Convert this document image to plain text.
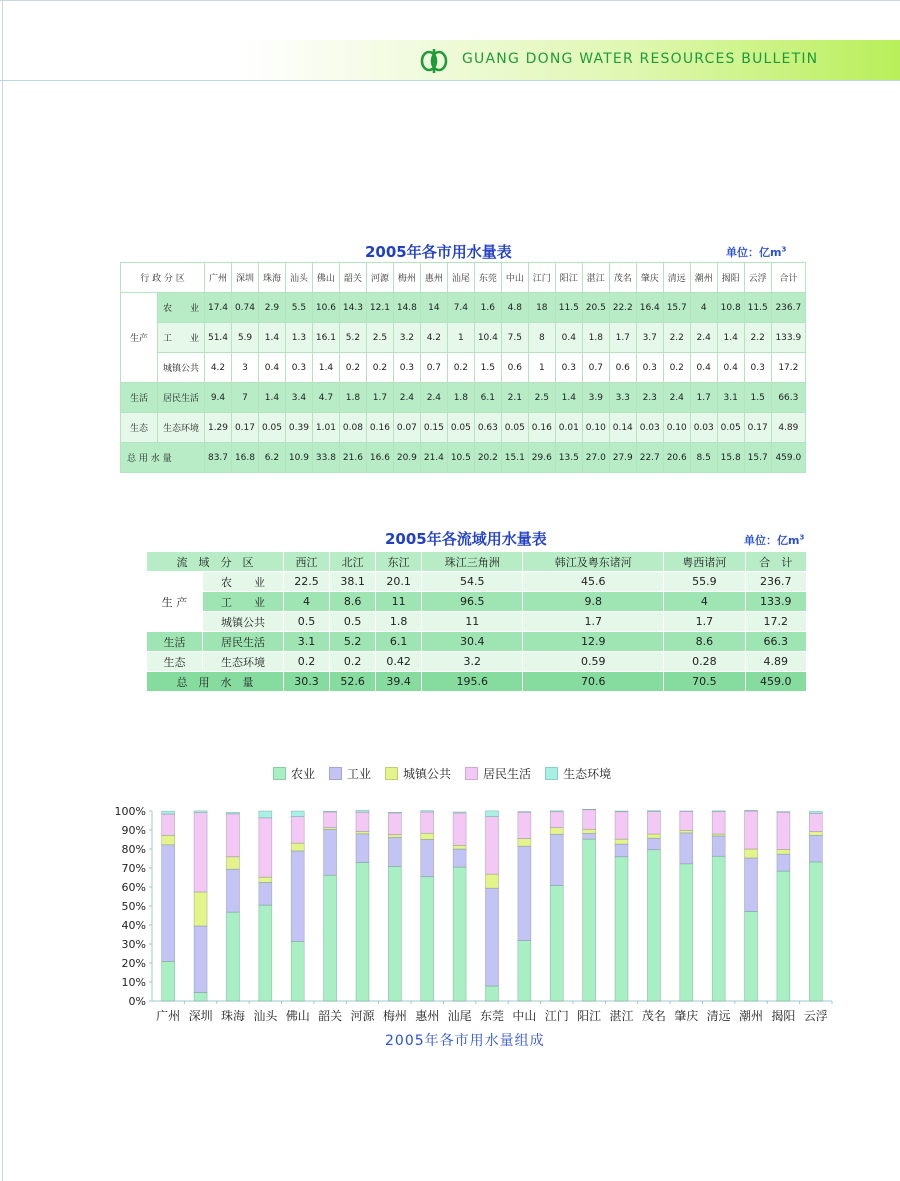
GUANG DONG WATER RESOURCES BULLETIN
2005年各市用水量表	单位：亿$m^3$
行 政 分 区		广州	深圳	珠海	汕头	佛山	韶关	河源	梅州	惠州	汕尾	东莞	中山	江门	阳江	湛江	茂名	肇庆	清远	潮州	揭阳	云浮	合计
生产	农　　业	17.4	0.74	2.9	5.5	10.6	14.3	12.1	14.8	14	7.4	1.6	4.8	18	11.5	20.5	22.2	16.4	15.7	4	10.8	11.5	236.7
	工　　业	51.4	5.9	1.4	1.3	16.1	5.2	2.5	3.2	4.2	1	10.4	7.5	8	0.4	1.8	1.7	3.7	2.2	2.4	1.4	2.2	133.9
	城镇公共	4.2	3	0.4	0.3	1.4	0.2	0.2	0.3	0.7	0.2	1.5	0.6	1	0.3	0.7	0.6	0.3	0.2	0.4	0.4	0.3	17.2
生活	居民生活	9.4	7	1.4	3.4	4.7	1.8	1.7	2.4	2.4	1.8	6.1	2.1	2.5	1.4	3.9	3.3	2.3	2.4	1.7	3.1	1.5	66.3
生态	生态环境	1.29	0.17	0.05	0.39	1.01	0.08	0.16	0.07	0.15	0.05	0.63	0.05	0.16	0.01	0.10	0.14	0.03	0.10	0.03	0.05	0.17	4.89
总 用 水 量		83.7	16.8	6.2	10.9	33.8	21.6	16.6	20.9	21.4	10.5	20.2	15.1	29.6	13.5	27.0	27.9	22.7	20.6	8.5	15.8	15.7	459.0
2005年各流域用水量表	单位：亿$m^3$
流　域　分　区		西江	北江	东江	珠江三角洲	韩江及粤东诸河	粤西诸河	合　计
生 产	农　　业	22.5	38.1	20.1	54.5	45.6	55.9	236.7
	工　　业	4	8.6	11	96.5	9.8	4	133.9
	城镇公共	0.5	0.5	1.8	11	1.7	1.7	17.2
生活	居民生活	3.1	5.2	6.1	30.4	12.9	8.6	66.3
生态	生态环境	0.2	0.2	0.42	3.2	0.59	0.28	4.89
总　用　水　量		30.3	52.6	39.4	195.6	70.6	70.5	459.0
农业	工业	城镇公共	居民生活	生态环境
0%
10%
20%
30%
40%
50%
60%
70%
80%
90%
100%
广州 深圳 珠海 汕头 佛山 韶关 河源 梅州 惠州 汕尾 东莞 中山 江门 阳江 湛江 茂名 肇庆 清远 潮州 揭阳 云浮
2005年各市用水量组成
